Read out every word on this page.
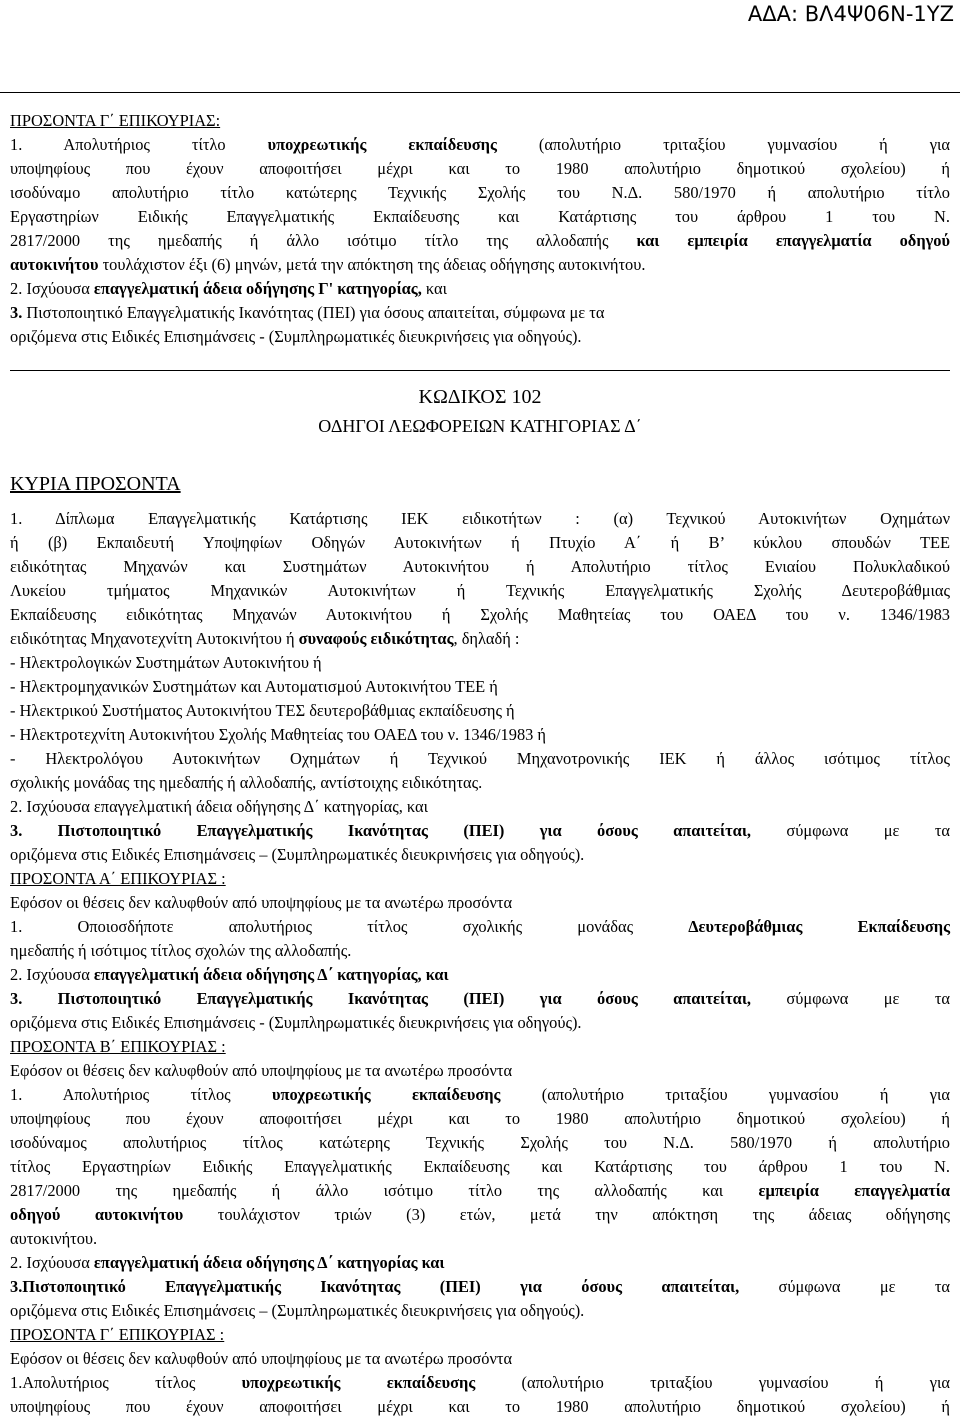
ΑΔΑ: ΒΛ4Ψ06Ν-1ΥΖ

ΠΡΟΣΟΝΤΑ Γ΄ ΕΠΙΚΟΥΡΙΑΣ:

1. Απολυτήριος τίτλο υποχρεωτικής εκπαίδευσης (απολυτήριο τριταξίου γυμνασίου ή για

υποψηφίους που έχουν αποφοιτήσει μέχρι και το 1980 απολυτήριο δημοτικού σχολείου) ή

ισοδύναμο απολυτήριο τίτλο κατώτερης Τεχνικής Σχολής του Ν.Δ. 580/1970 ή απολυτήριο τίτλο

Εργαστηρίων Ειδικής Επαγγελματικής Εκπαίδευσης και Κατάρτισης του άρθρου 1 του Ν.

2817/2000 της ημεδαπής ή άλλο ισότιμο τίτλο της αλλοδαπής και εμπειρία επαγγελματία οδηγού

αυτοκινήτου τουλάχιστον έξι (6) μηνών, μετά την απόκτηση της άδειας οδήγησης αυτοκινήτου.

2. Ισχύουσα επαγγελματική άδεια οδήγησης Γ' κατηγορίας, και

3. Πιστοποιητικό Επαγγελματικής Ικανότητας (ΠΕΙ) για όσους απαιτείται, σύμφωνα με τα

οριζόμενα στις Ειδικές Επισημάνσεις - (Συμπληρωματικές διευκρινήσεις για οδηγούς).

ΚΩΔΙΚΟΣ 102
ΟΔΗΓΟΙ ΛΕΩΦΟΡΕΙΩΝ ΚΑΤΗΓΟΡΙΑΣ Δ΄
ΚΥΡΙΑ ΠΡΟΣΟΝΤΑ

1. Δίπλωμα Επαγγελματικής Κατάρτισης ΙΕΚ ειδικοτήτων : (α) Τεχνικού Αυτοκινήτων Οχημάτων

ή (β) Εκπαιδευτή Υποψηφίων Οδηγών Αυτοκινήτων ή Πτυχίο Α΄ ή Β’ κύκλου σπουδών ΤΕΕ

ειδικότητας Μηχανών και Συστημάτων Αυτοκινήτου ή Απολυτήριο τίτλος Ενιαίου Πολυκλαδικού

Λυκείου τμήματος Μηχανικών Αυτοκινήτων ή Τεχνικής Επαγγελματικής Σχολής Δευτεροβάθμιας

Εκπαίδευσης ειδικότητας Μηχανών Αυτοκινήτου ή Σχολής Μαθητείας του ΟΑΕΔ του ν. 1346/1983

ειδικότητας Μηχανοτεχνίτη Αυτοκινήτου ή συναφούς ειδικότητας, δηλαδή :

- Ηλεκτρολογικών Συστημάτων Αυτοκινήτου ή

- Ηλεκτρομηχανικών Συστημάτων και Αυτοματισμού Αυτοκινήτου ΤΕΕ ή

- Ηλεκτρικού Συστήματος Αυτοκινήτου ΤΕΣ δευτεροβάθμιας εκπαίδευσης ή

- Ηλεκτροτεχνίτη Αυτοκινήτου Σχολής Μαθητείας του ΟΑΕΔ του ν. 1346/1983 ή

- Ηλεκτρολόγου Αυτοκινήτων Οχημάτων ή Τεχνικού Μηχανοτρονικής ΙΕΚ ή άλλος ισότιμος τίτλος

σχολικής μονάδας της ημεδαπής ή αλλοδαπής, αντίστοιχης ειδικότητας.

2. Ισχύουσα επαγγελματική άδεια οδήγησης Δ΄ κατηγορίας, και

3. Πιστοποιητικό Επαγγελματικής Ικανότητας (ΠΕΙ) για όσους απαιτείται, σύμφωνα με τα

οριζόμενα στις Ειδικές Επισημάνσεις – (Συμπληρωματικές διευκρινήσεις για οδηγούς).

ΠΡΟΣΟΝΤΑ Α΄ ΕΠΙΚΟΥΡΙΑΣ :

Εφόσον οι θέσεις δεν καλυφθούν από υποψηφίους με τα ανωτέρω προσόντα

1. Οποιοσδήποτε απολυτήριος τίτλος σχολικής μονάδας Δευτεροβάθμιας Εκπαίδευσης

ημεδαπής ή ισότιμος τίτλος σχολών της αλλοδαπής.

2. Ισχύουσα επαγγελματική άδεια οδήγησης Δ΄ κατηγορίας, και

3. Πιστοποιητικό Επαγγελματικής Ικανότητας (ΠΕΙ) για όσους απαιτείται, σύμφωνα με τα

οριζόμενα στις Ειδικές Επισημάνσεις - (Συμπληρωματικές διευκρινήσεις για οδηγούς).

ΠΡΟΣΟΝΤΑ Β΄ ΕΠΙΚΟΥΡΙΑΣ :

Εφόσον οι θέσεις δεν καλυφθούν από υποψηφίους με τα ανωτέρω προσόντα

1. Απολυτήριος τίτλος υποχρεωτικής εκπαίδευσης (απολυτήριο τριταξίου γυμνασίου ή για

υποψηφίους που έχουν αποφοιτήσει μέχρι και το 1980 απολυτήριο δημοτικού σχολείου) ή

ισοδύναμος απολυτήριος τίτλος κατώτερης Τεχνικής Σχολής του Ν.Δ. 580/1970 ή απολυτήριο

τίτλος Εργαστηρίων Ειδικής Επαγγελματικής Εκπαίδευσης και Κατάρτισης του άρθρου 1 του Ν.

2817/2000 της ημεδαπής ή άλλο ισότιμο τίτλο της αλλοδαπής και εμπειρία επαγγελματία

οδηγού αυτοκινήτου τουλάχιστον τριών (3) ετών, μετά την απόκτηση της άδειας οδήγησης

αυτοκινήτου.

2. Ισχύουσα επαγγελματική άδεια οδήγησης Δ΄ κατηγορίας και

3.Πιστοποιητικό Επαγγελματικής Ικανότητας (ΠΕΙ) για όσους απαιτείται, σύμφωνα με τα

οριζόμενα στις Ειδικές Επισημάνσεις – (Συμπληρωματικές διευκρινήσεις για οδηγούς).

ΠΡΟΣΟΝΤΑ Γ΄ ΕΠΙΚΟΥΡΙΑΣ :

Εφόσον οι θέσεις δεν καλυφθούν από υποψηφίους με τα ανωτέρω προσόντα

1.Απολυτήριος τίτλος υποχρεωτικής εκπαίδευσης (απολυτήριο τριταξίου γυμνασίου ή για

υποψηφίους που έχουν αποφοιτήσει μέχρι και το 1980 απολυτήριο δημοτικού σχολείου) ή
